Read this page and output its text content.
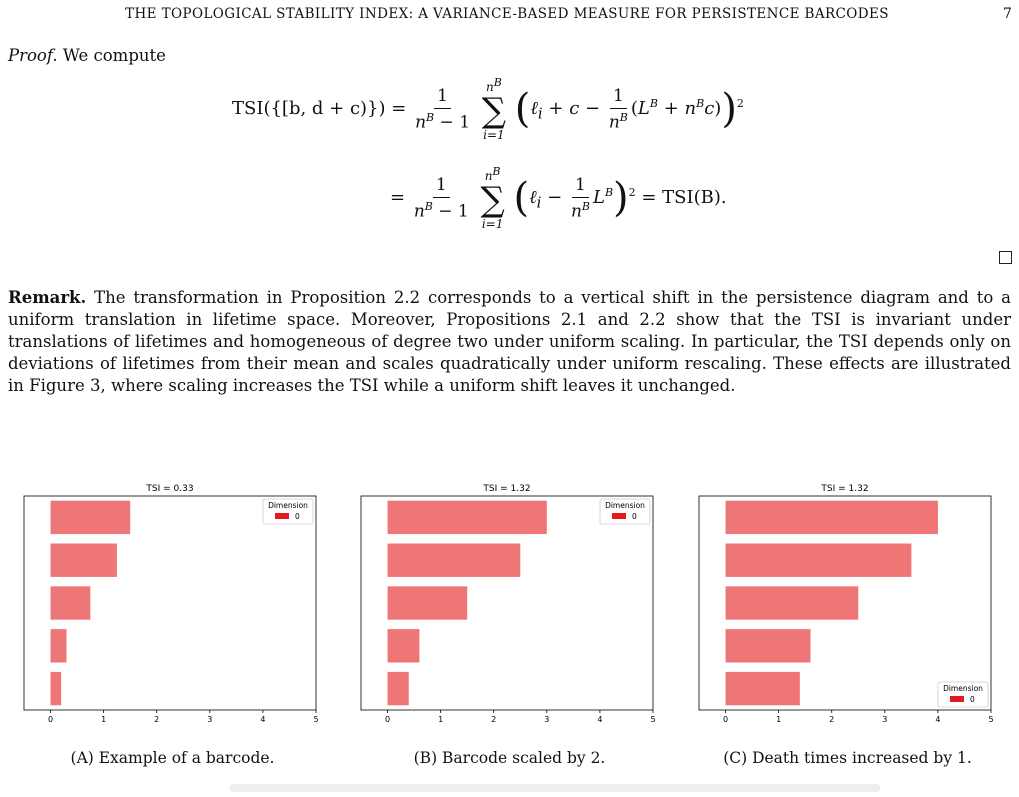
THE TOPOLOGICAL STABILITY INDEX: A VARIANCE-BASED MEASURE FOR PERSISTENCE BARCODES	7
Proof. We compute
TSI({[b, $d + c)\}) = \frac{1}{n^B - 1}$
$n^B$
∑
i=1
(ℓ$_i$ + $c - \frac{1}{n^B} (L^B + n^Bc))^2$
= $\frac{1}{n^B - 1}$
$n^B$
∑
i=1
(ℓ$_i$ − $\frac{1}{n^B} L^B)^2 = TSI(B)$.
Remark. The transformation in Proposition 2.2 corresponds to a vertical shift in the persistence diagram and to a uniform translation in lifetime space. Moreover, Propositions 2.1 and 2.2 show that the TSI is invariant under translations of lifetimes and homogeneous of degree two under uniform scaling. In particular, the TSI depends only on deviations of lifetimes from their mean and scales quadratically under uniform rescaling. These effects are illustrated in Figure 3, where scaling increases the TSI while a uniform shift leaves it unchanged.
TSI = 0.33
0	1	2	3	4	5
Dimension
0
TSI = 1.32
0	1	2	3	4	5
Dimension
0
TSI = 1.32
0	1	2	3	4	5
Dimension
0
(A) Example of a barcode.	(B) Barcode scaled by 2.	(C) Death times increased by 1.
